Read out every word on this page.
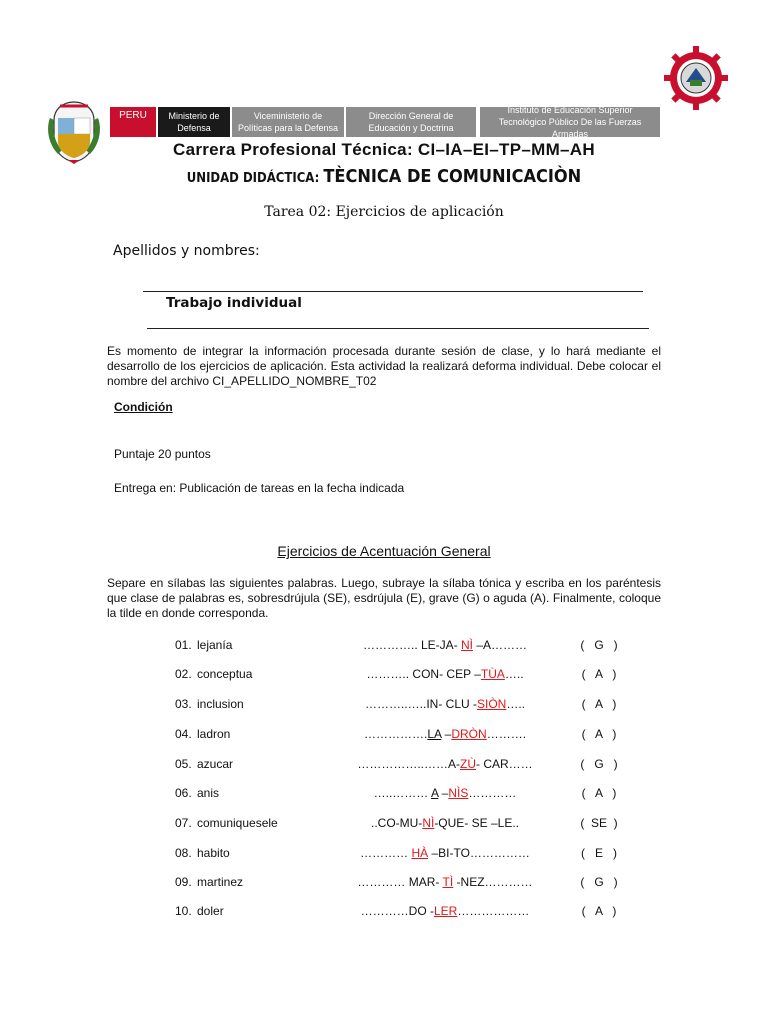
PERU	Ministerio de Defensa
Viceministerio de Políticas para la Defensa
Dirección General de Educación y Doctrina
Instituto de Educación Superior Tecnológico Público De las Fuerzas Armadas
Carrera Profesional Técnica: CI–IA–EI–TP–MM–AH
UNIDAD DIDÁCTICA: TÈCNICA DE COMUNICACIÒN
Tarea 02: Ejercicios de aplicación
Apellidos y nombres:
Trabajo individual
Es momento de integrar la información procesada durante sesión de clase, y lo hará mediante el desarrollo de los ejercicios de aplicación. Esta actividad la realizará deforma individual. Debe colocar el nombre del archivo CI_APELLIDO_NOMBRE_T02
Condición
Puntaje 20 puntos
Entrega en: Publicación de tareas en la fecha indicada
Ejercicios de Acentuación General
Separe en sílabas las siguientes palabras. Luego, subraye la sílaba tónica y escriba en los paréntesis que clase de palabras es, sobresdrújula (SE), esdrújula (E), grave (G) o aguda (A). Finalmente, coloque la tilde en donde corresponda.
01. lejanía	………….. LE-JA- NÌ –A………	(   G   )
02. conceptua	……….. CON- CEP –TÙA…..	(   A   )
03. inclusion	………..…..IN- CLU -SIÒN…..	(   A   )
04. ladron	…………….LA –DRÒN……….	(   A   )
05. azucar	……………..……A-ZÙ- CAR……	(   G   )
06. anis	…..……… A –NÌS…………	(   A   )
07. comuniquesele	..CO-MU-NÌ-QUE- SE –LE..	(  SE  )
08. habito	………… HÀ –BI-TO……………	(   E   )
09. martinez	………… MAR- TÌ -NEZ…………	(   G   )
10. doler	…………DO -LER………………	(   A   )
